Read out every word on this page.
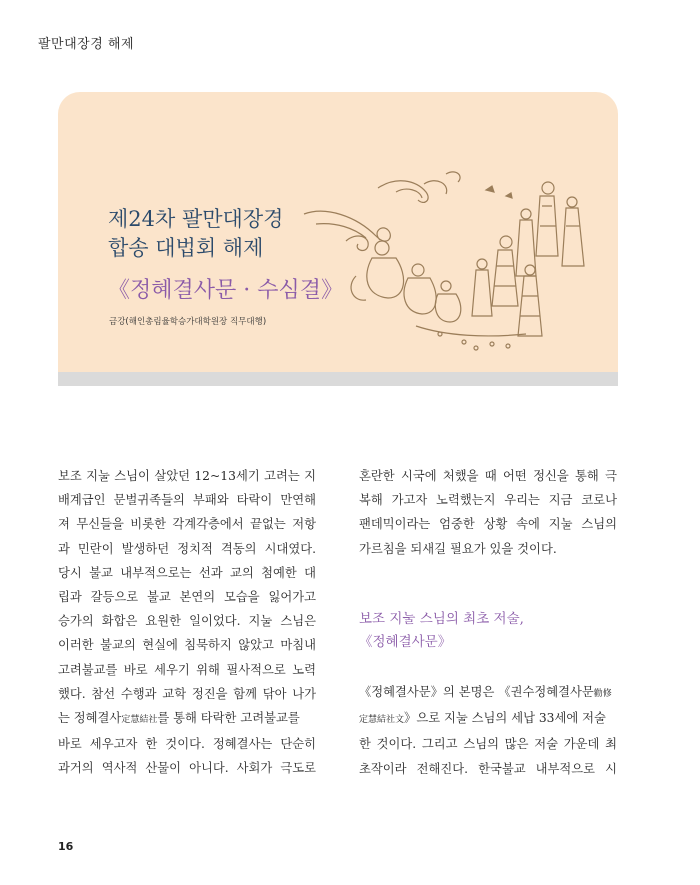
팔만대장경 해제
제24차 팔만대장경
합송 대법회 해제
《정혜결사문 · 수심결》
금강(해인총림율학승가대학원장 직무대행)
보조 지눌 스님이 살았던 12~13세기 고려는 지
배계급인 문벌귀족들의 부패와 타락이 만연해
져 무신들을 비롯한 각계각층에서 끝없는 저항
과 민란이 발생하던 정치적 격동의 시대였다.
당시 불교 내부적으로는 선과 교의 첨예한 대
립과 갈등으로 불교 본연의 모습을 잃어가고
승가의 화합은 요원한 일이었다. 지눌 스님은
이러한 불교의 현실에 침묵하지 않았고 마침내
고려불교를 바로 세우기 위해 필사적으로 노력
했다. 참선 수행과 교학 정진을 함께 닦아 나가
는 정혜결사定慧結社를 통해 타락한 고려불교를
바로 세우고자 한 것이다. 정혜결사는 단순히
과거의 역사적 산물이 아니다. 사회가 극도로
혼란한 시국에 처했을 때 어떤 정신을 통해 극
복해 가고자 노력했는지 우리는 지금 코로나
팬데믹이라는 엄중한 상황 속에 지눌 스님의
가르침을 되새길 필요가 있을 것이다.
보조 지눌 스님의 최초 저술,
《정혜결사문》
《정혜결사문》의 본명은 《권수정혜결사문勸修
定慧結社文》으로 지눌 스님의 세납 33세에 저술
한 것이다. 그리고 스님의 많은 저술 가운데 최
초작이라 전해진다. 한국불교 내부적으로 시
16
